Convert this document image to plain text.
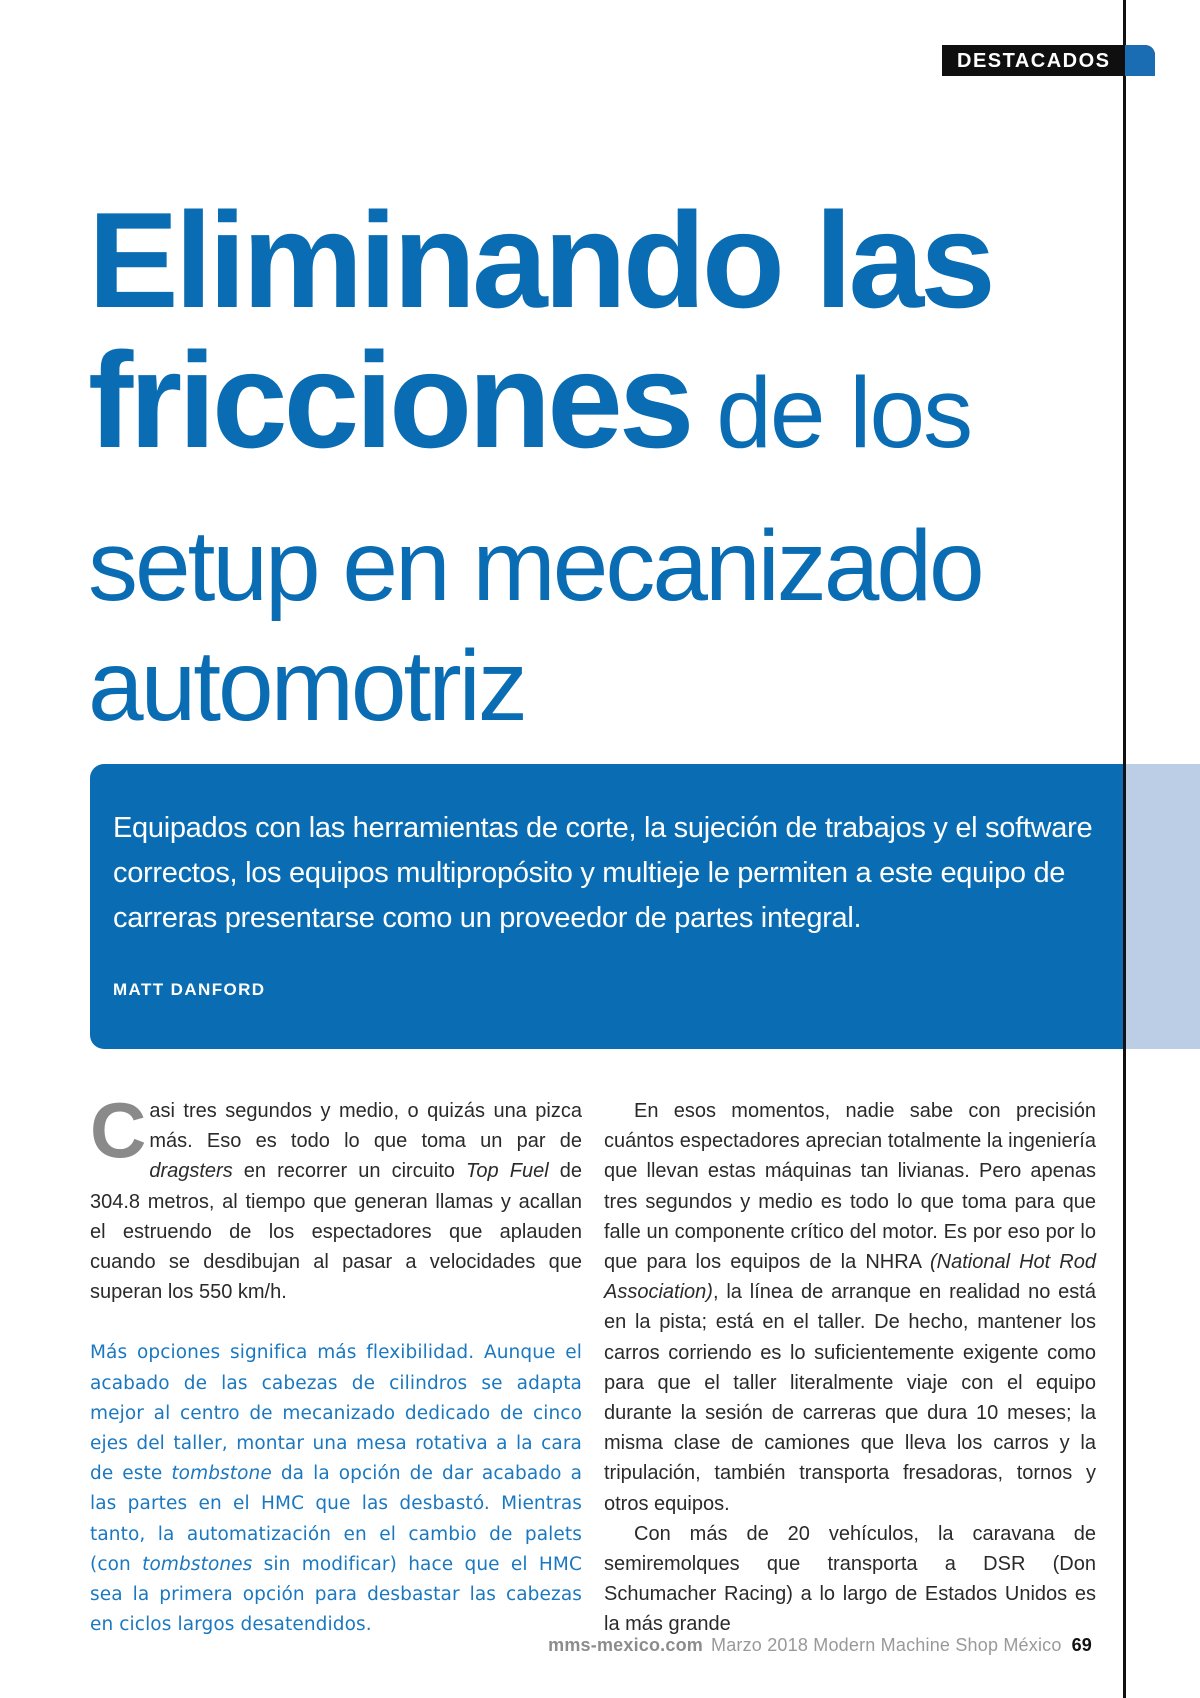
DESTACADOS
Eliminando las
fricciones de los
setup en mecanizado
automotriz

Equipados con las herramientas de corte, la sujeción de trabajos y el software correctos, los equipos multipropósito y multieje le permiten a este equipo de carreras presentarse como un proveedor de partes integral.

MATT DANFORD

Casi tres segundos y medio, o quizás una pizca más. Eso es todo lo que toma un par de dragsters en recorrer un circuito Top Fuel de 304.8 metros, al tiempo que generan llamas y acallan el estruendo de los espectadores que aplauden cuando se desdibujan al pasar a velocidades que superan los 550 km/h.

Más opciones significa más flexibilidad. Aunque el acabado de las cabezas de cilindros se adapta mejor al centro de mecanizado dedicado de cinco ejes del taller, montar una mesa rotativa a la cara de este tombstone da la opción de dar acabado a las partes en el HMC que las desbastó. Mientras tanto, la automatización en el cambio de palets (con tombstones sin modificar) hace que el HMC sea la primera opción para desbastar las cabezas en ciclos largos desatendidos.

En esos momentos, nadie sabe con precisión cuántos espectadores aprecian totalmente la ingeniería que llevan estas máquinas tan livianas. Pero apenas tres segundos y medio es todo lo que toma para que falle un componente crítico del motor. Es por eso por lo que para los equipos de la NHRA (National Hot Rod Association), la línea de arranque en realidad no está en la pista; está en el taller. De hecho, mantener los carros corriendo es lo suficientemente exigente como para que el taller literalmente viaje con el equipo durante la sesión de carreras que dura 10 meses; la misma clase de camiones que lleva los carros y la tripulación, también transporta fresadoras, tornos y otros equipos.

Con más de 20 vehículos, la caravana de semiremolques que transporta a DSR (Don Schumacher Racing) a lo largo de Estados Unidos es la más grande

mms-mexico.com Marzo 2018 Modern Machine Shop México 69
